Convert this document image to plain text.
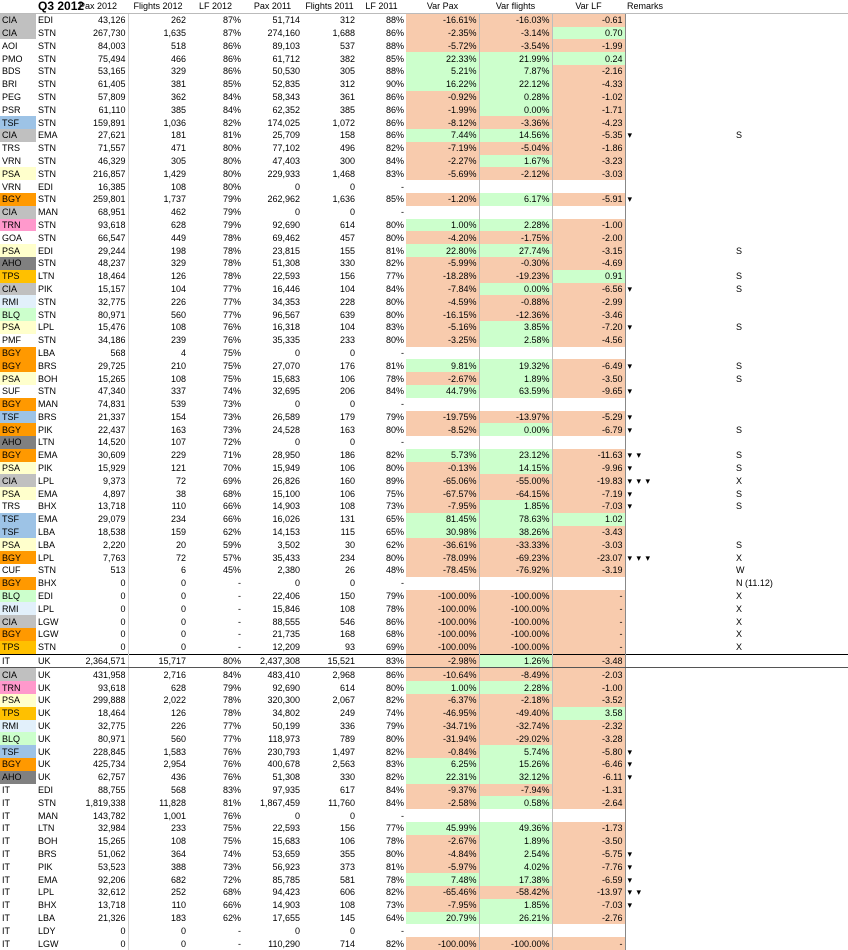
	Q3 2012	Pax 2012	Flights 2012	LF 2012	Pax 2011	Flights 2011	LF 2011	Var Pax	Var flights	Var LF	Remarks		
CIA	EDI	43,126	262	87%	51,714	312	88%	-16.61%	-16.03%	-0.61			
CIA	STN	267,730	1,635	87%	274,160	1,688	86%	-2.35%	-3.14%	0.70			
AOI	STN	84,003	518	86%	89,103	537	88%	-5.72%	-3.54%	-1.99			
PMO	STN	75,494	466	86%	61,712	382	85%	22.33%	21.99%	0.24			
BDS	STN	53,165	329	86%	50,530	305	88%	5.21%	7.87%	-2.16			
BRI	STN	61,405	381	85%	52,835	312	90%	16.22%	22.12%	-4.33			
PEG	STN	57,809	362	84%	58,343	361	86%	-0.92%	0.28%	-1.02			
PSR	STN	61,110	385	84%	62,352	385	86%	-1.99%	0.00%	-1.71			
TSF	STN	159,891	1,036	82%	174,025	1,072	86%	-8.12%	-3.36%	-4.23			
CIA	EMA	27,621	181	81%	25,709	158	86%	7.44%	14.56%	-5.35	▾	S	
TRS	STN	71,557	471	80%	77,102	496	82%	-7.19%	-5.04%	-1.86			
VRN	STN	46,329	305	80%	47,403	300	84%	-2.27%	1.67%	-3.23			
PSA	STN	216,857	1,429	80%	229,933	1,468	83%	-5.69%	-2.12%	-3.03			
VRN	EDI	16,385	108	80%	0	0	-						
BGY	STN	259,801	1,737	79%	262,962	1,636	85%	-1.20%	6.17%	-5.91	▾		
CIA	MAN	68,951	462	79%	0	0	-						
TRN	STN	93,618	628	79%	92,690	614	80%	1.00%	2.28%	-1.00			
GOA	STN	66,547	449	78%	69,462	457	80%	-4.20%	-1.75%	-2.00			
PSA	EDI	29,244	198	78%	23,815	155	81%	22.80%	27.74%	-3.15		S	
AHO	STN	48,237	329	78%	51,308	330	82%	-5.99%	-0.30%	-4.69			
TPS	LTN	18,464	126	78%	22,593	156	77%	-18.28%	-19.23%	0.91		S	
CIA	PIK	15,157	104	77%	16,446	104	84%	-7.84%	0.00%	-6.56	▾	S	
RMI	STN	32,775	226	77%	34,353	228	80%	-4.59%	-0.88%	-2.99			
BLQ	STN	80,971	560	77%	96,567	639	80%	-16.15%	-12.36%	-3.46			
PSA	LPL	15,476	108	76%	16,318	104	83%	-5.16%	3.85%	-7.20	▾	S	
PMF	STN	34,186	239	76%	35,335	233	80%	-3.25%	2.58%	-4.56			
BGY	LBA	568	4	75%	0	0	-						
BGY	BRS	29,725	210	75%	27,070	176	81%	9.81%	19.32%	-6.49	▾	S	
PSA	BOH	15,265	108	75%	15,683	106	78%	-2.67%	1.89%	-3.50		S	
SUF	STN	47,340	337	74%	32,695	206	84%	44.79%	63.59%	-9.65	▾		
BGY	MAN	74,831	539	73%	0	0	-						
TSF	BRS	21,337	154	73%	26,589	179	79%	-19.75%	-13.97%	-5.29	▾		
BGY	PIK	22,437	163	73%	24,528	163	80%	-8.52%	0.00%	-6.79	▾	S	
AHO	LTN	14,520	107	72%	0	0	-						
BGY	EMA	30,609	229	71%	28,950	186	82%	5.73%	23.12%	-11.63	▾ ▾	S	
PSA	PIK	15,929	121	70%	15,949	106	80%	-0.13%	14.15%	-9.96	▾	S	
CIA	LPL	9,373	72	69%	26,826	160	89%	-65.06%	-55.00%	-19.83	▾ ▾ ▾	X	
PSA	EMA	4,897	38	68%	15,100	106	75%	-67.57%	-64.15%	-7.19	▾	S	
TRS	BHX	13,718	110	66%	14,903	108	73%	-7.95%	1.85%	-7.03	▾	S	
TSF	EMA	29,079	234	66%	16,026	131	65%	81.45%	78.63%	1.02			
TSF	LBA	18,538	159	62%	14,153	115	65%	30.98%	38.26%	-3.43			
PSA	LBA	2,220	20	59%	3,502	30	62%	-36.61%	-33.33%	-3.03		S	
BGY	LPL	7,763	72	57%	35,433	234	80%	-78.09%	-69.23%	-23.07	▾ ▾ ▾	X	
CUF	STN	513	6	45%	2,380	26	48%	-78.45%	-76.92%	-3.19		W	
BGY	BHX	0	0	-	0	0	-					N (11.12)	
BLQ	EDI	0	0	-	22,406	150	79%	-100.00%	-100.00%	-		X	
RMI	LPL	0	0	-	15,846	108	78%	-100.00%	-100.00%	-		X	
CIA	LGW	0	0	-	88,555	546	86%	-100.00%	-100.00%	-		X	
BGY	LGW	0	0	-	21,735	168	68%	-100.00%	-100.00%	-		X	
TPS	STN	0	0	-	12,209	93	69%	-100.00%	-100.00%	-		X	
IT	UK	2,364,571	15,717	80%	2,437,308	15,521	83%	-2.98%	1.26%	-3.48			
CIA	UK	431,958	2,716	84%	483,410	2,968	86%	-10.64%	-8.49%	-2.03			
TRN	UK	93,618	628	79%	92,690	614	80%	1.00%	2.28%	-1.00			
PSA	UK	299,888	2,022	78%	320,300	2,067	82%	-6.37%	-2.18%	-3.52			
TPS	UK	18,464	126	78%	34,802	249	74%	-46.95%	-49.40%	3.58			
RMI	UK	32,775	226	77%	50,199	336	79%	-34.71%	-32.74%	-2.32			
BLQ	UK	80,971	560	77%	118,973	789	80%	-31.94%	-29.02%	-3.28			
TSF	UK	228,845	1,583	76%	230,793	1,497	82%	-0.84%	5.74%	-5.80	▾		
BGY	UK	425,734	2,954	76%	400,678	2,563	83%	6.25%	15.26%	-6.46	▾		
AHO	UK	62,757	436	76%	51,308	330	82%	22.31%	32.12%	-6.11	▾		
IT	EDI	88,755	568	83%	97,935	617	84%	-9.37%	-7.94%	-1.31			
IT	STN	1,819,338	11,828	81%	1,867,459	11,760	84%	-2.58%	0.58%	-2.64			
IT	MAN	143,782	1,001	76%	0	0	-						
IT	LTN	32,984	233	75%	22,593	156	77%	45.99%	49.36%	-1.73			
IT	BOH	15,265	108	75%	15,683	106	78%	-2.67%	1.89%	-3.50			
IT	BRS	51,062	364	74%	53,659	355	80%	-4.84%	2.54%	-5.75	▾		
IT	PIK	53,523	388	73%	56,923	373	81%	-5.97%	4.02%	-7.76	▾		
IT	EMA	92,206	682	72%	85,785	581	78%	7.48%	17.38%	-6.59	▾		
IT	LPL	32,612	252	68%	94,423	606	82%	-65.46%	-58.42%	-13.97	▾ ▾		
IT	BHX	13,718	110	66%	14,903	108	73%	-7.95%	1.85%	-7.03	▾		
IT	LBA	21,326	183	62%	17,655	145	64%	20.79%	26.21%	-2.76			
IT	LDY	0	0	-	0	0	-						
IT	LGW	0	0	-	110,290	714	82%	-100.00%	-100.00%	-			
